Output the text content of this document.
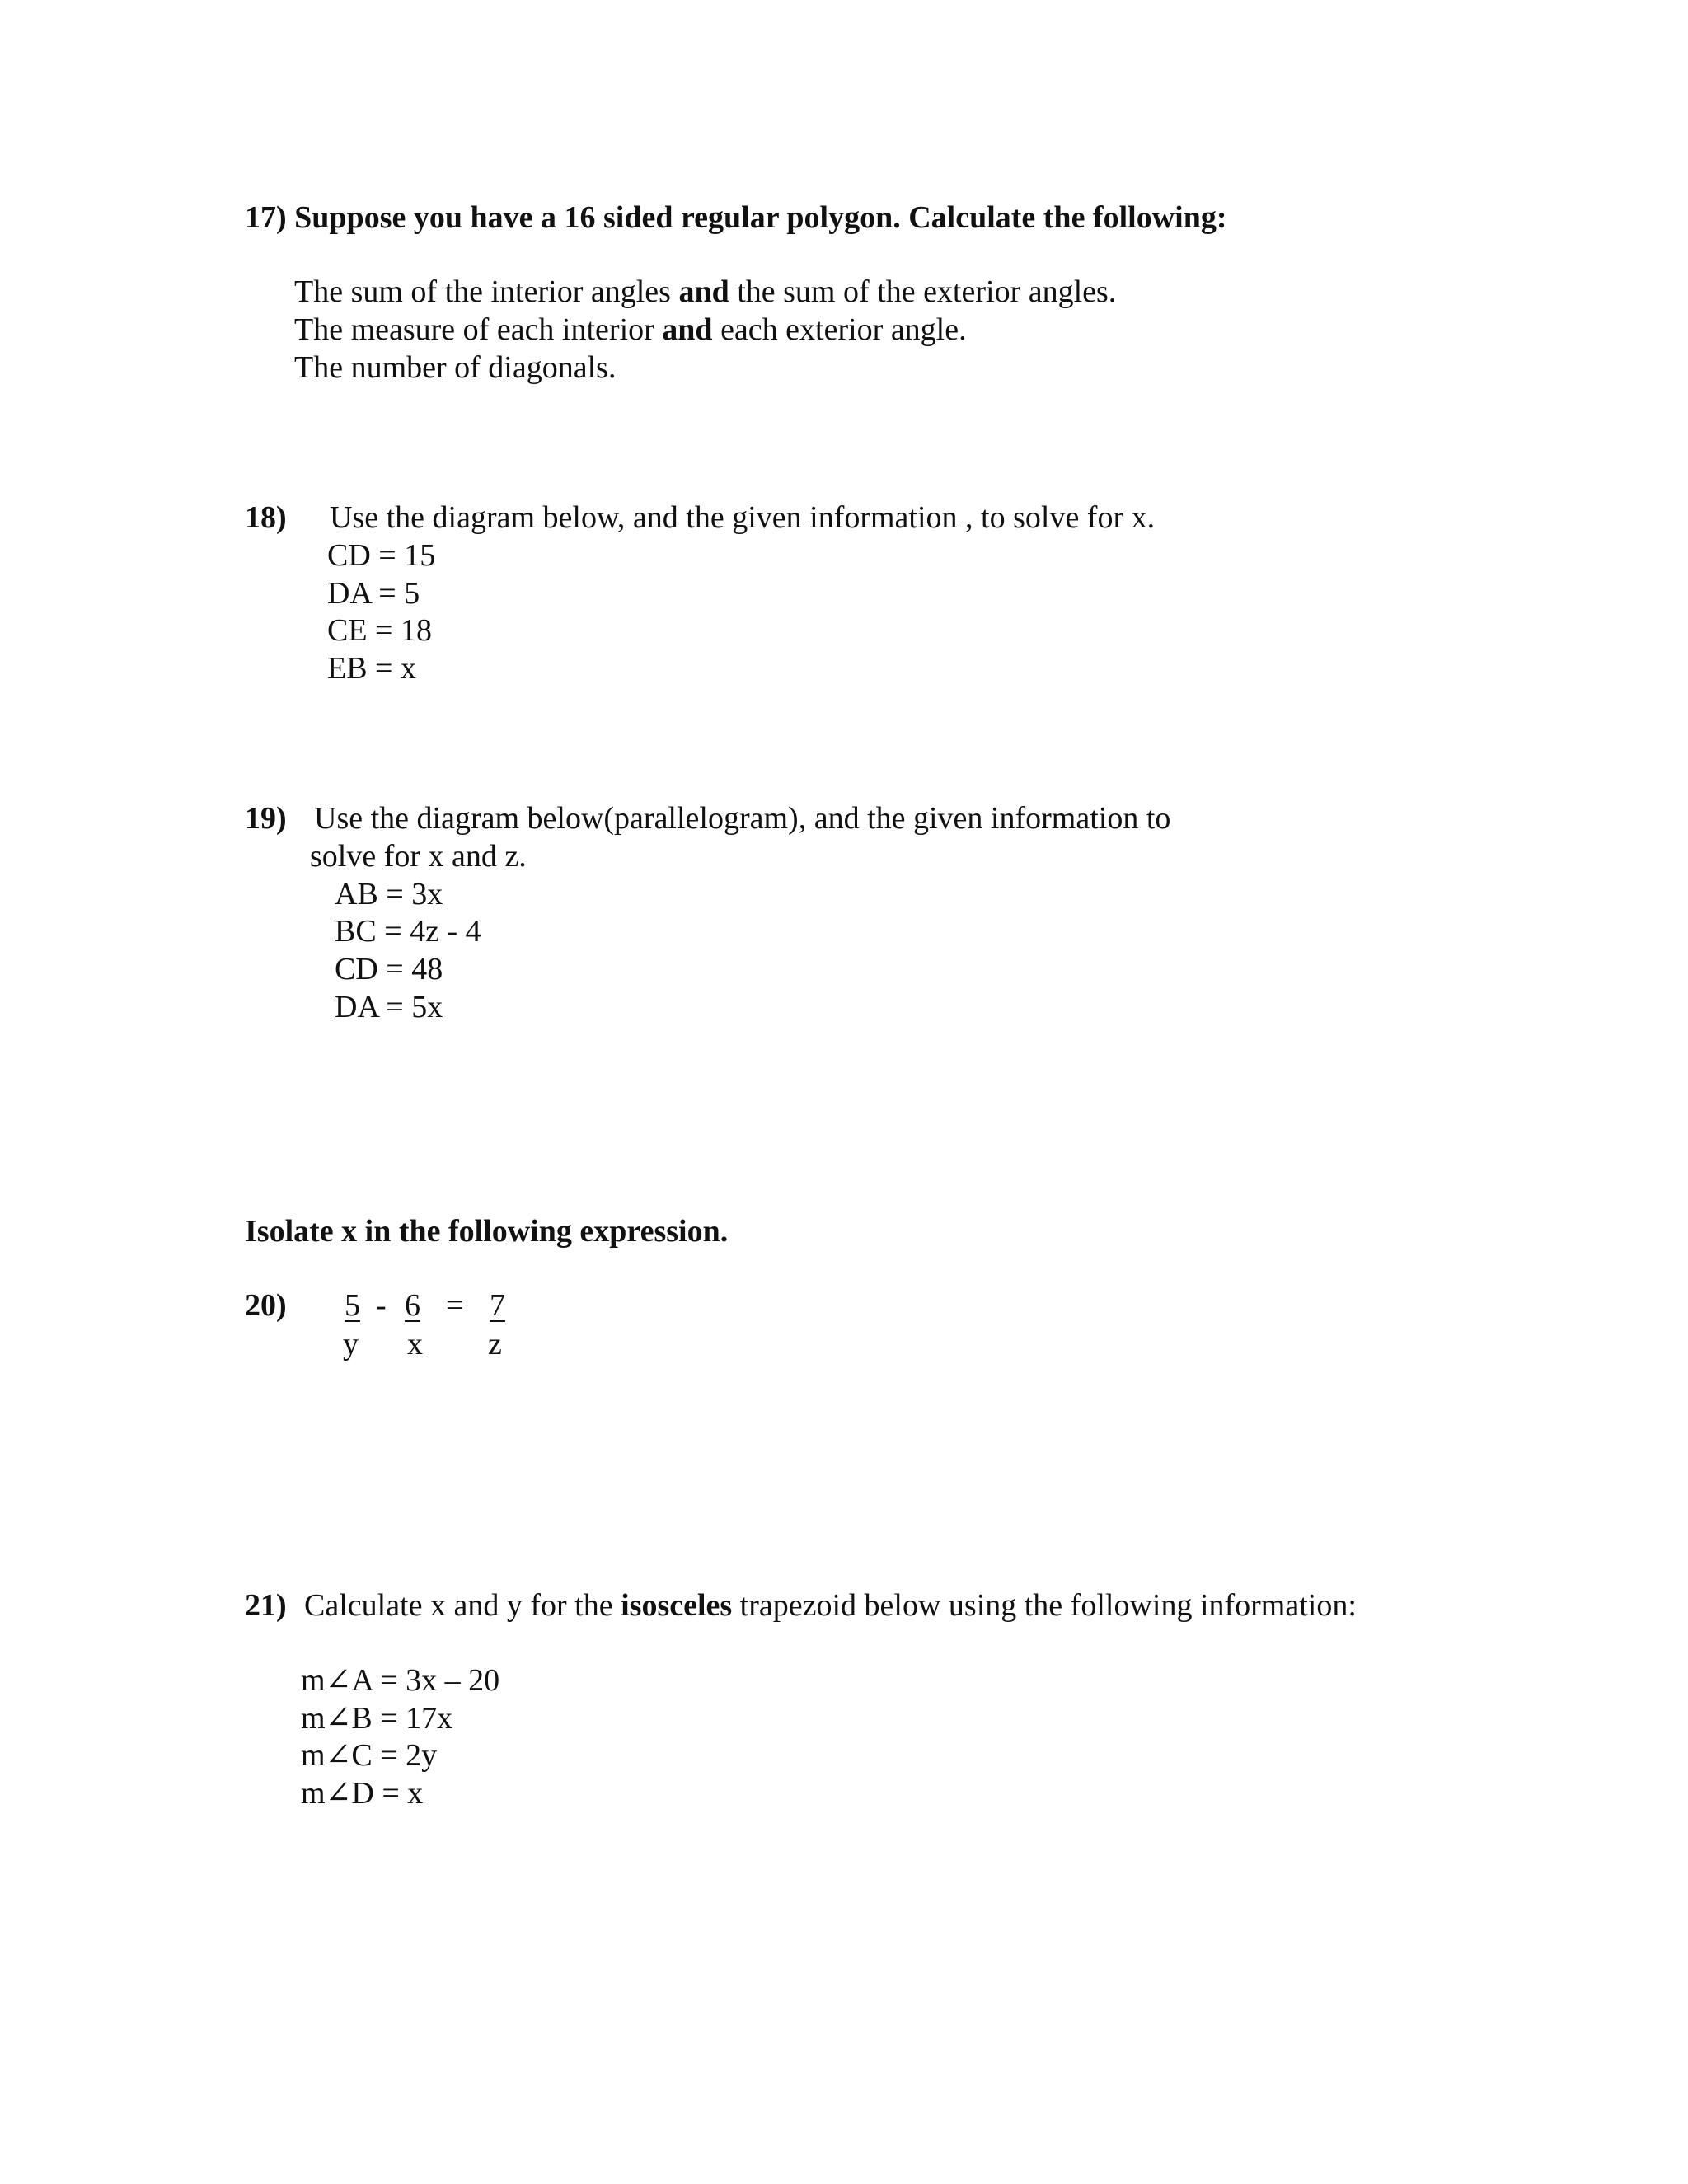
17) Suppose you have a 16 sided regular polygon. Calculate the following:
The sum of the interior angles and the sum of the exterior angles.
The measure of each interior and each exterior angle.
The number of diagonals.
18) Use the diagram below, and the given information , to solve for x.
CD = 15
DA = 5
CE = 18
EB = x
19) Use the diagram below(parallelogram), and the given information to
solve for x and z.
AB = 3x
BC = 4z - 4
CD = 48
DA = 5x
Isolate x in the following expression.
20) 5 - 6 = 7
y x z
21) Calculate x and y for the isosceles trapezoid below using the following information:
m∠A = 3x – 20
m∠B = 17x
m∠C = 2y
m∠D = x
